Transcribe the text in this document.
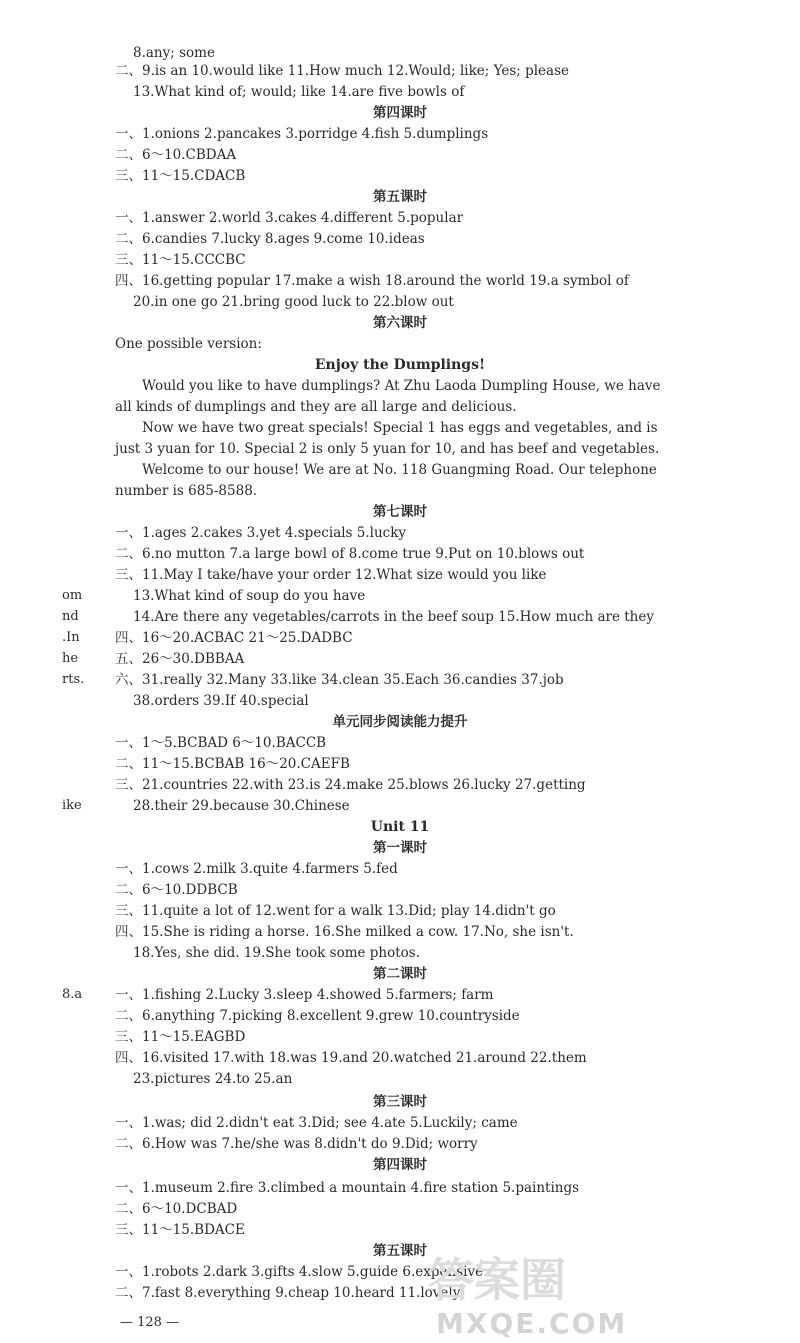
8.any; some
二、9.is an 10.would like 11.How much 12.Would; like; Yes; please
13.What kind of; would; like 14.are five bowls of
第四课时
一、1.onions 2.pancakes 3.porridge 4.fish 5.dumplings
二、6～10.CBDAA
三、11～15.CDACB
第五课时
一、1.answer 2.world 3.cakes 4.different 5.popular
二、6.candies 7.lucky 8.ages 9.come 10.ideas
三、11～15.CCCBC
四、16.getting popular 17.make a wish 18.around the world 19.a symbol of
20.in one go 21.bring good luck to 22.blow out
第六课时
One possible version:
Enjoy the Dumplings!
Would you like to have dumplings? At Zhu Laoda Dumpling House, we have
all kinds of dumplings and they are all large and delicious.
Now we have two great specials! Special 1 has eggs and vegetables, and is
just 3 yuan for 10. Special 2 is only 5 yuan for 10, and has beef and vegetables.
Welcome to our house! We are at No. 118 Guangming Road. Our telephone
number is 685-8588.
第七课时
一、1.ages 2.cakes 3.yet 4.specials 5.lucky
二、6.no mutton 7.a large bowl of 8.come true 9.Put on 10.blows out
三、11.May I take/have your order 12.What size would you like
13.What kind of soup do you have
14.Are there any vegetables/carrots in the beef soup 15.How much are they
四、16～20.ACBAC 21～25.DADBC
五、26～30.DBBAA
六、31.really 32.Many 33.like 34.clean 35.Each 36.candies 37.job
38.orders 39.If 40.special
单元同步阅读能力提升
一、1～5.BCBAD 6～10.BACCB
二、11～15.BCBAB 16～20.CAEFB
三、21.countries 22.with 23.is 24.make 25.blows 26.lucky 27.getting
28.their 29.because 30.Chinese
Unit 11
第一课时
一、1.cows 2.milk 3.quite 4.farmers 5.fed
二、6～10.DDBCB
三、11.quite a lot of 12.went for a walk 13.Did; play 14.didn't go
四、15.She is riding a horse. 16.She milked a cow. 17.No, she isn't.
18.Yes, she did. 19.She took some photos.
第二课时
一、1.fishing 2.Lucky 3.sleep 4.showed 5.farmers; farm
二、6.anything 7.picking 8.excellent 9.grew 10.countryside
三、11～15.EAGBD
四、16.visited 17.with 18.was 19.and 20.watched 21.around 22.them
23.pictures 24.to 25.an
第三课时
一、1.was; did 2.didn't eat 3.Did; see 4.ate 5.Luckily; came
二、6.How was 7.he/she was 8.didn't do 9.Did; worry
第四课时
一、1.museum 2.fire 3.climbed a mountain 4.fire station 5.paintings
二、6～10.DCBAD
三、11～15.BDACE
第五课时
一、1.robots 2.dark 3.gifts 4.slow 5.guide 6.expensive
二、7.fast 8.everything 9.cheap 10.heard 11.lovely
om
nd
.In
he
rts.
ike
8.a
— 128 —
答案圈
MXQE.COM
